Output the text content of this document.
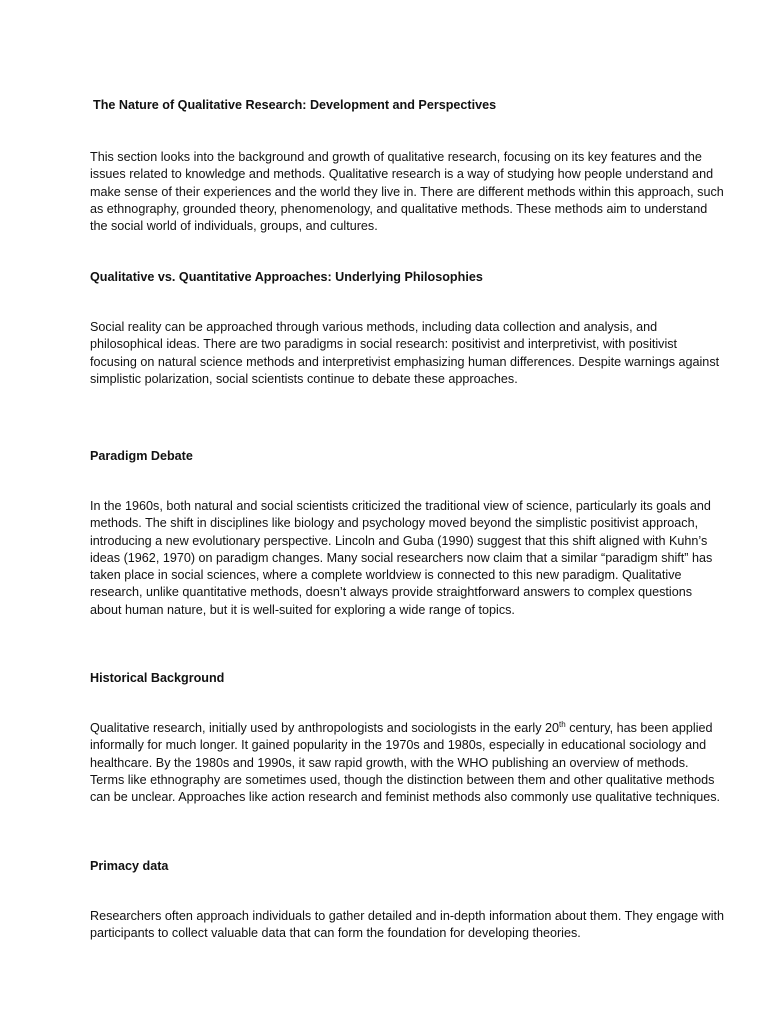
The Nature of Qualitative Research: Development and Perspectives

This section looks into the background and growth of qualitative research, focusing on its key features and the issues related to knowledge and methods. Qualitative research is a way of studying how people understand and make sense of their experiences and the world they live in. There are different methods within this approach, such as ethnography, grounded theory, phenomenology, and qualitative methods. These methods aim to understand the social world of individuals, groups, and cultures.

Qualitative vs. Quantitative Approaches: Underlying Philosophies

Social reality can be approached through various methods, including data collection and analysis, and philosophical ideas. There are two paradigms in social research: positivist and interpretivist, with positivist focusing on natural science methods and interpretivist emphasizing human differences. Despite warnings against simplistic polarization, social scientists continue to debate these approaches.

Paradigm Debate

In the 1960s, both natural and social scientists criticized the traditional view of science, particularly its goals and methods. The shift in disciplines like biology and psychology moved beyond the simplistic positivist approach, introducing a new evolutionary perspective. Lincoln and Guba (1990) suggest that this shift aligned with Kuhn’s ideas (1962, 1970) on paradigm changes. Many social researchers now claim that a similar “paradigm shift” has taken place in social sciences, where a complete worldview is connected to this new paradigm. Qualitative research, unlike quantitative methods, doesn’t always provide straightforward answers to complex questions about human nature, but it is well-suited for exploring a wide range of topics.

Historical Background

Qualitative research, initially used by anthropologists and sociologists in the early 20th century, has been applied informally for much longer. It gained popularity in the 1970s and 1980s, especially in educational sociology and healthcare. By the 1980s and 1990s, it saw rapid growth, with the WHO publishing an overview of methods. Terms like ethnography are sometimes used, though the distinction between them and other qualitative methods can be unclear. Approaches like action research and feminist methods also commonly use qualitative techniques.

Primacy data

Researchers often approach individuals to gather detailed and in-depth information about them. They engage with participants to collect valuable data that can form the foundation for developing theories.
